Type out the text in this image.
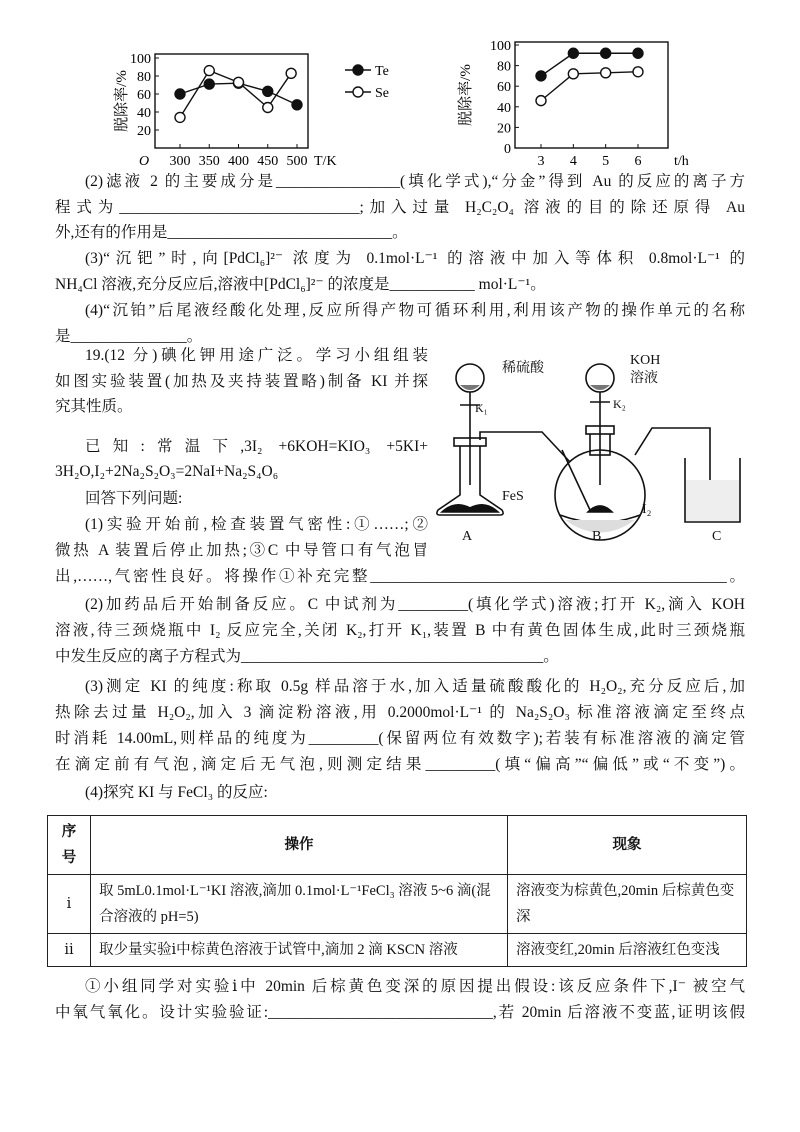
20
40
60
80
100
300 350 400 450 500 T/K
脱除率/%
O
Te
Se
0
20
40
60
80
100
3 4 5 6 t/h
脱除率/%
(2)滤液 2 的主要成分是________________(填化学式),“分金”得到 Au 的反应的离子方
程式为_______________________________;加入过量 H₂C₂O₄ 溶液的目的除还原得 Au
外,还有的作用是_____________________________。
(3)“沉钯”时,向[PdCl₆]²⁻ 浓度为 0.1mol·L⁻¹ 的溶液中加入等体积 0.8mol·L⁻¹ 的
NH₄Cl 溶液,充分反应后,溶液中[PdCl₆]²⁻ 的浓度是___________ mol·L⁻¹。
(4)“沉铂”后尾液经酸化处理,反应所得产物可循环利用,利用该产物的操作单元的名称
是_______________。
19.(12 分)碘化钾用途广泛。学习小组组装
如图实验装置(加热及夹持装置略)制备 KI 并探
究其性质。
已知:常温下,3I₂ +6KOH=KIO₃ +5KI+
3H₂O,I₂+2Na₂S₂O₃=2NaI+Na₂S₄O₆
回答下列问题:
(1)实验开始前,检查装置气密性:①……;②
微热 A 装置后停止加热;③C 中导管口有气泡冒
出,……,气密性良好。将操作①补充完整______________________________________________。
(2)加药品后开始制备反应。C 中试剂为_________(填化学式)溶液;打开 K₂,滴入 KOH
溶液,待三颈烧瓶中 I₂ 反应完全,关闭 K₂,打开 K₁,装置 B 中有黄色固体生成,此时三颈烧瓶
中发生反应的离子方程式为_______________________________________。
(3)测定 KI 的纯度:称取 0.5g 样品溶于水,加入适量硫酸酸化的 H₂O₂,充分反应后,加
热除去过量 H₂O₂,加入 3 滴淀粉溶液,用 0.2000mol·L⁻¹ 的 Na₂S₂O₃ 标准溶液滴定至终点
时消耗 14.00mL,则样品的纯度为_________(保留两位有效数字);若装有标准溶液的滴定管
在滴定前有气泡,滴定后无气泡,则测定结果_________(填“偏高”“偏低”或“不变”)。
(4)探究 KI 与 FeCl₃ 的反应:
稀硫酸
KOH
溶液
K₁	K₂
FeS
I₂
A	B	C
序号	操作	现象
ⅰ	取 5mL0.1mol·L⁻¹KI 溶液,滴加 0.1mol·L⁻¹FeCl₃ 溶液 5~6 滴(混合溶液的 pH=5)	溶液变为棕黄色,20min 后棕黄色变深
ⅱ	取少量实验ⅰ中棕黄色溶液于试管中,滴加 2 滴 KSCN 溶液	溶液变红,20min 后溶液红色变浅
①小组同学对实验ⅰ中 20min 后棕黄色变深的原因提出假设:该反应条件下,I⁻ 被空气
中氧气氧化。设计实验验证:_____________________________,若 20min 后溶液不变蓝,证明该假
